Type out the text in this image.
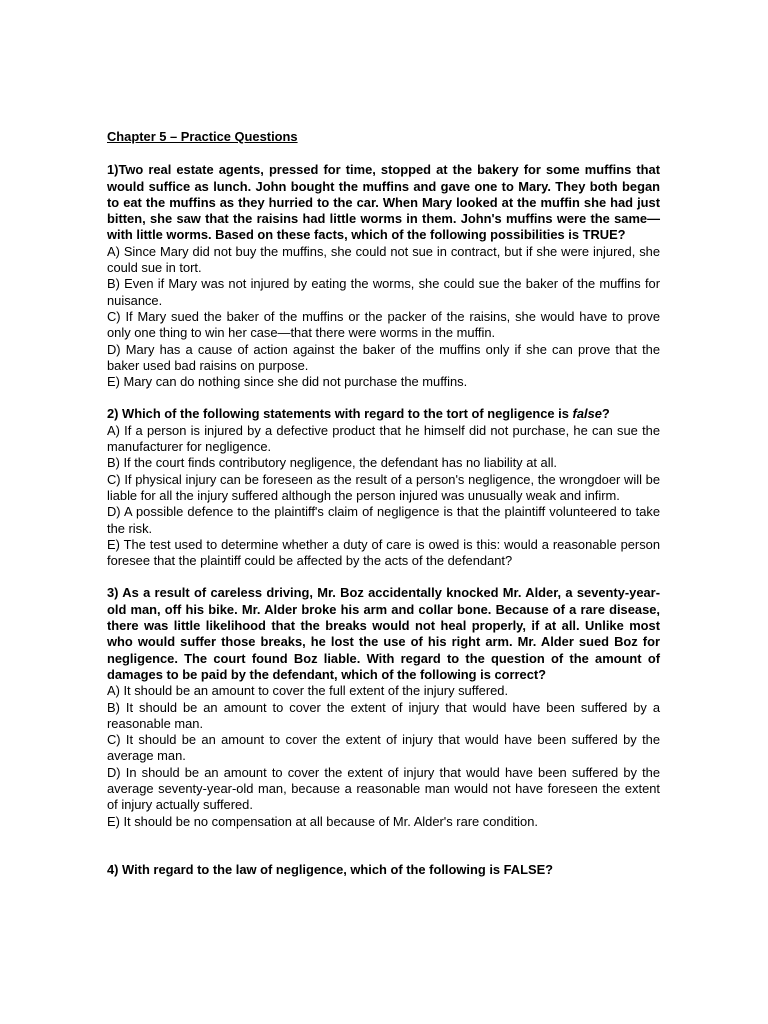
Chapter 5 – Practice Questions

1)Two real estate agents, pressed for time, stopped at the bakery for some muffins that would suffice as lunch. John bought the muffins and gave one to Mary. They both began to eat the muffins as they hurried to the car. When Mary looked at the muffin she had just bitten, she saw that the raisins had little worms in them. John's muffins were the same—with little worms. Based on these facts, which of the following possibilities is TRUE?

A) Since Mary did not buy the muffins, she could not sue in contract, but if she were injured, she could sue in tort.

B) Even if Mary was not injured by eating the worms, she could sue the baker of the muffins for nuisance.

C) If Mary sued the baker of the muffins or the packer of the raisins, she would have to prove only one thing to win her case—that there were worms in the muffin.

D) Mary has a cause of action against the baker of the muffins only if she can prove that the baker used bad raisins on purpose.

E) Mary can do nothing since she did not purchase the muffins.

2) Which of the following statements with regard to the tort of negligence is false?

A) If a person is injured by a defective product that he himself did not purchase, he can sue the manufacturer for negligence.

B) If the court finds contributory negligence, the defendant has no liability at all.

C) If physical injury can be foreseen as the result of a person's negligence, the wrongdoer will be liable for all the injury suffered although the person injured was unusually weak and infirm.

D) A possible defence to the plaintiff's claim of negligence is that the plaintiff volunteered to take the risk.

E) The test used to determine whether a duty of care is owed is this: would a reasonable person foresee that the plaintiff could be affected by the acts of the defendant?

3) As a result of careless driving, Mr. Boz accidentally knocked Mr. Alder, a seventy-year-old man, off his bike. Mr. Alder broke his arm and collar bone. Because of a rare disease, there was little likelihood that the breaks would not heal properly, if at all. Unlike most who would suffer those breaks, he lost the use of his right arm. Mr. Alder sued Boz for negligence. The court found Boz liable. With regard to the question of the amount of damages to be paid by the defendant, which of the following is correct?

A) It should be an amount to cover the full extent of the injury suffered.

B) It should be an amount to cover the extent of injury that would have been suffered by a reasonable man.

C) It should be an amount to cover the extent of injury that would have been suffered by the average man.

D) In should be an amount to cover the extent of injury that would have been suffered by the average seventy-year-old man, because a reasonable man would not have foreseen the extent of injury actually suffered.

E) It should be no compensation at all because of Mr. Alder's rare condition.

4) With regard to the law of negligence, which of the following is FALSE?
